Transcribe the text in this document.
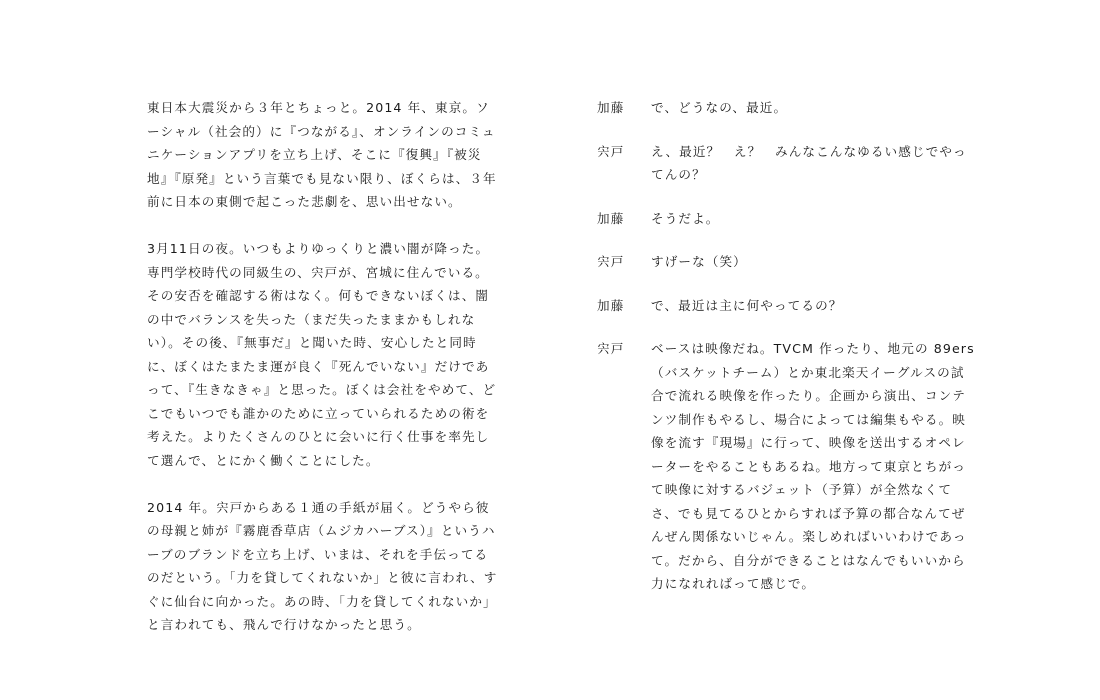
東日本大震災から３年とちょっと。2014 年、東京。ソーシャル（社会的）に『つながる』、オンラインのコミュニケーションアプリを立ち上げ、そこに『復興』『被災地』『原発』という言葉でも見ない限り、ぼくらは、３年前に日本の東側で起こった悲劇を、思い出せない。

3月11日の夜。いつもよりゆっくりと濃い闇が降った。専門学校時代の同級生の、宍戸が、宮城に住んでいる。その安否を確認する術はなく。何もできないぼくは、闇の中でバランスを失った（まだ失ったままかもしれない）。その後、『無事だ』と聞いた時、安心したと同時に、ぼくはたまたま運が良く『死んでいない』だけであって、『生きなきゃ』と思った。ぼくは会社をやめて、どこでもいつでも誰かのために立っていられるための術を考えた。よりたくさんのひとに会いに行く仕事を率先して選んで、とにかく働くことにした。

2014 年。宍戸からある１通の手紙が届く。どうやら彼の母親と姉が『霧鹿香草店（ムジカハーブス）』というハーブのブランドを立ち上げ、いまは、それを手伝ってるのだという。「力を貸してくれないか」と彼に言われ、すぐに仙台に向かった。あの時、「力を貸してくれないか」と言われても、飛んで行けなかったと思う。

加藤	で、どうなの、最近。
宍戸	え、最近？　え？　みんなこんなゆるい感じでやってんの？
加藤	そうだよ。
宍戸	すげーな（笑）
加藤	で、最近は主に何やってるの？
宍戸	ベースは映像だね。TVCM 作ったり、地元の 89ers（バスケットチーム）とか東北楽天イーグルスの試合で流れる映像を作ったり。企画から演出、コンテンツ制作もやるし、場合によっては編集もやる。映像を流す『現場』に行って、映像を送出するオペレーターをやることもあるね。地方って東京とちがって映像に対するバジェット（予算）が全然なくてさ、でも見てるひとからすれば予算の都合なんてぜんぜん関係ないじゃん。楽しめればいいわけであって。だから、自分ができることはなんでもいいから力になれればって感じで。
